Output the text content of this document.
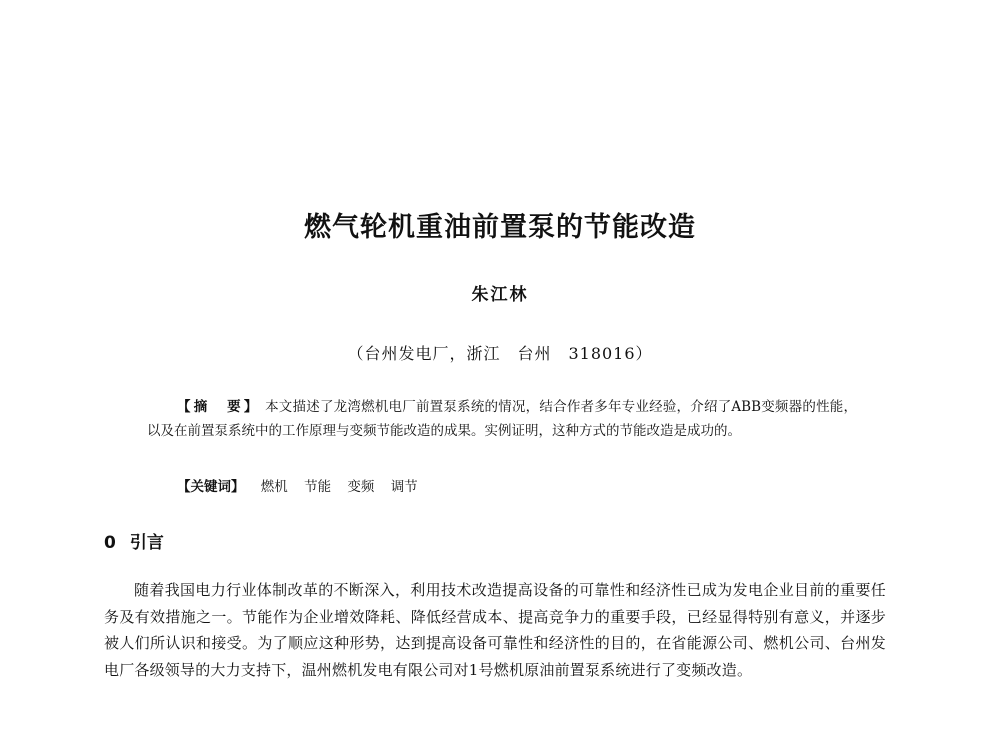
燃气轮机重油前置泵的节能改造
朱江林
（台州发电厂，浙江　台州　318016）
【摘　要】 本文描述了龙湾燃机电厂前置泵系统的情况，结合作者多年专业经验，介绍了ABB变频器的性能，以及在前置泵系统中的工作原理与变频节能改造的成果。实例证明，这种方式的节能改造是成功的。
【关键词】 燃机 节能 变频 调节
0 引言
随着我国电力行业体制改革的不断深入，利用技术改造提高设备的可靠性和经济性已成为发电企业目前的重要任务及有效措施之一。节能作为企业增效降耗、降低经营成本、提高竞争力的重要手段，已经显得特别有意义，并逐步被人们所认识和接受。为了顺应这种形势，达到提高设备可靠性和经济性的目的，在省能源公司、燃机公司、台州发电厂各级领导的大力支持下，温州燃机发电有限公司对1号燃机原油前置泵系统进行了变频改造。
